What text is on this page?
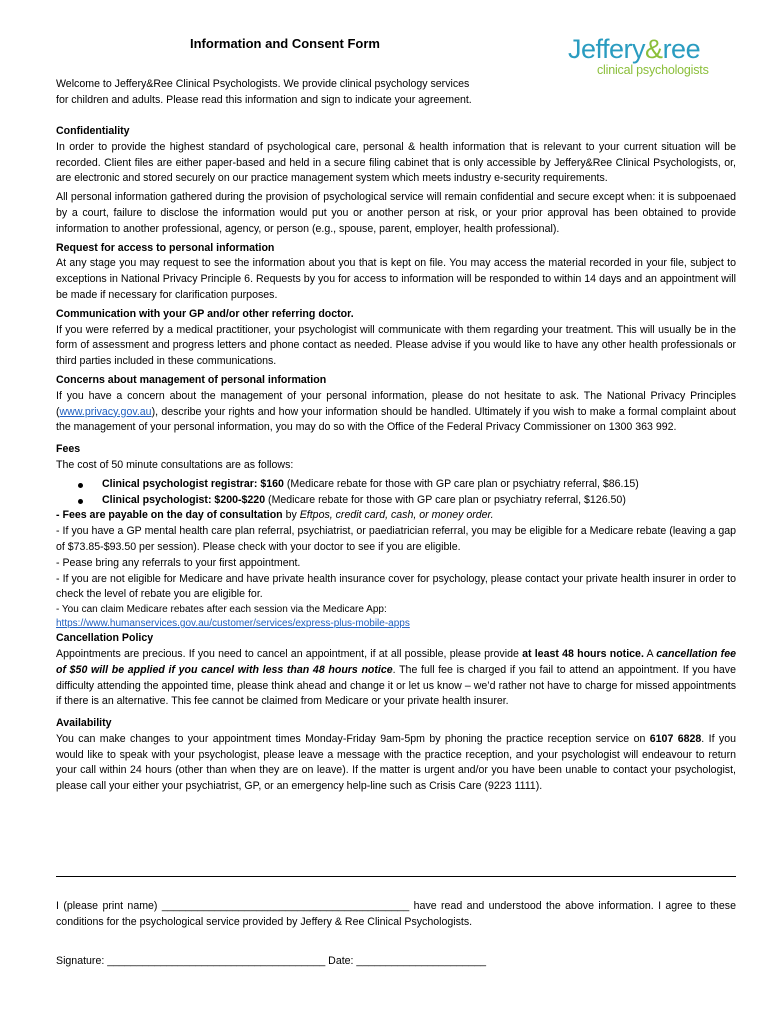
Information and Consent Form	Jeffery&ree
clinical psychologists
Welcome to Jeffery&Ree Clinical Psychologists. We provide clinical psychology services
for children and adults. Please read this information and sign to indicate your agreement.

Confidentiality

In order to provide the highest standard of psychological care, personal & health information that is relevant to your current situation will be recorded. Client files are either paper-based and held in a secure filing cabinet that is only accessible by Jeffery&Ree Clinical Psychologists, or, are electronic and stored securely on our practice management system which meets industry e-security requirements.

All personal information gathered during the provision of psychological service will remain confidential and secure except when: it is subpoenaed by a court, failure to disclose the information would put you or another person at risk, or your prior approval has been obtained to provide information to another professional, agency, or person (e.g., spouse, parent, employer, health professional).

Request for access to personal information

At any stage you may request to see the information about you that is kept on file. You may access the material recorded in your file, subject to exceptions in National Privacy Principle 6. Requests by you for access to information will be responded to within 14 days and an appointment will be made if necessary for clarification purposes.

Communication with your GP and/or other referring doctor.

If you were referred by a medical practitioner, your psychologist will communicate with them regarding your treatment. This will usually be in the form of assessment and progress letters and phone contact as needed. Please advise if you would like to have any other health professionals or third parties included in these communications.

Concerns about management of personal information

If you have a concern about the management of your personal information, please do not hesitate to ask. The National Privacy Principles (www.privacy.gov.au), describe your rights and how your information should be handled. Ultimately if you wish to make a formal complaint about the management of your personal information, you may do so with the Office of the Federal Privacy Commissioner on 1300 363 992.

Fees

The cost of 50 minute consultations are as follows:

Clinical psychologist registrar: $160 (Medicare rebate for those with GP care plan or psychiatry referral, $86.15)
Clinical psychologist: $200-$220 (Medicare rebate for those with GP care plan or psychiatry referral, $126.50)

- Fees are payable on the day of consultation by Eftpos, credit card, cash, or money order.

- If you have a GP mental health care plan referral, psychiatrist, or paediatrician referral, you may be eligible for a Medicare rebate (leaving a gap of $73.85-$93.50 per session). Please check with your doctor to see if you are eligible.

- Pease bring any referrals to your first appointment.

- If you are not eligible for Medicare and have private health insurance cover for psychology, please contact your private health insurer in order to check the level of rebate you are eligible for.

- You can claim Medicare rebates after each session via the Medicare App:

https://www.humanservices.gov.au/customer/services/express-plus-mobile-apps

Cancellation Policy

Appointments are precious. If you need to cancel an appointment, if at all possible, please provide at least 48 hours notice. A cancellation fee of $50 will be applied if you cancel with less than 48 hours notice. The full fee is charged if you fail to attend an appointment. If you have difficulty attending the appointed time, please think ahead and change it or let us know – we’d rather not have to charge for missed appointments if there is an alternative. This fee cannot be claimed from Medicare or your private health insurer.

Availability

You can make changes to your appointment times Monday-Friday 9am-5pm by phoning the practice reception service on 6107 6828. If you would like to speak with your psychologist, please leave a message with the practice reception, and your psychologist will endeavour to return your call within 24 hours (other than when they are on leave). If the matter is urgent and/or you have been unable to contact your psychologist, please call your either your psychiatrist, GP, or an emergency help-line such as Crisis Care (9223 1111).

I (please print name) __________________________________________ have read and understood the above information. I agree to these conditions for the psychological service provided by Jeffery & Ree Clinical Psychologists.
Signature: _____________________________________ Date: ______________________
